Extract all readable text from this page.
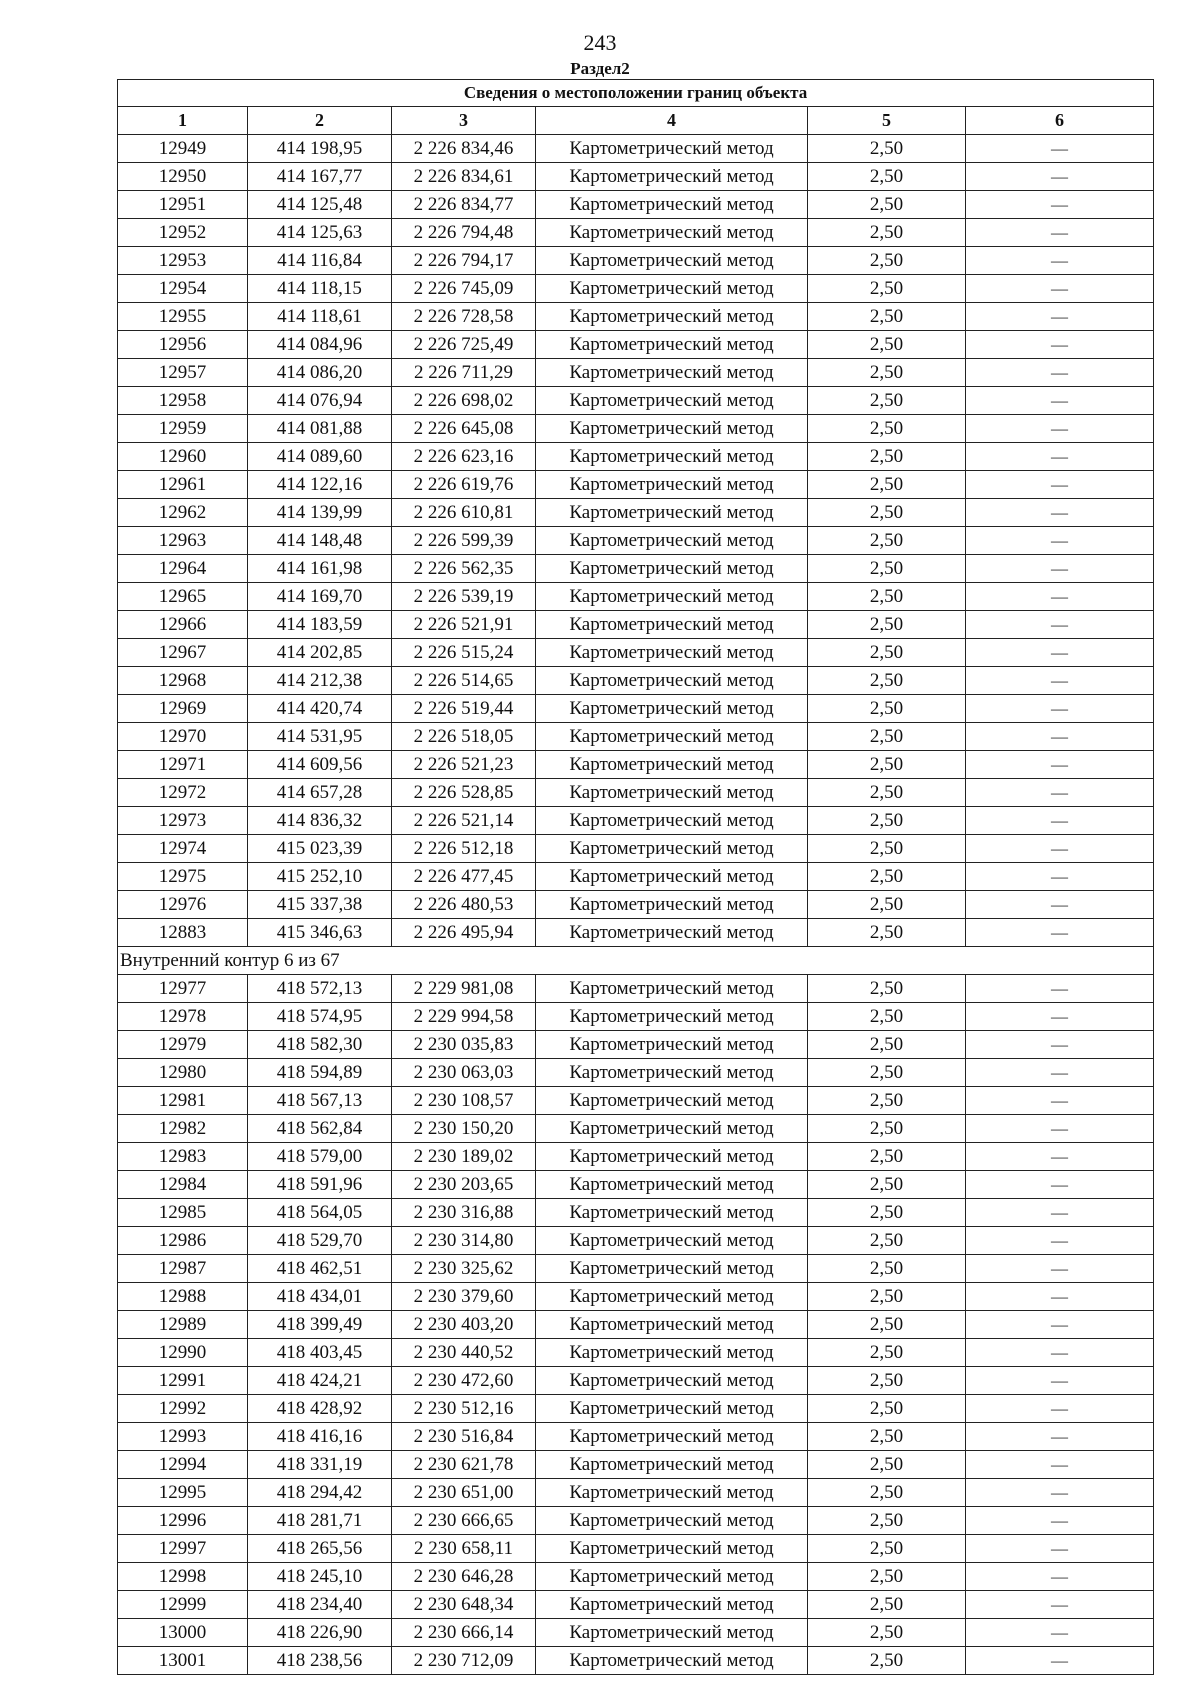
243
Раздел2
Сведения о местоположении границ объекта					
1	2	3	4	5	6
12949	414 198,95	2 226 834,46	Картометрический метод	2,50	—
12950	414 167,77	2 226 834,61	Картометрический метод	2,50	—
12951	414 125,48	2 226 834,77	Картометрический метод	2,50	—
12952	414 125,63	2 226 794,48	Картометрический метод	2,50	—
12953	414 116,84	2 226 794,17	Картометрический метод	2,50	—
12954	414 118,15	2 226 745,09	Картометрический метод	2,50	—
12955	414 118,61	2 226 728,58	Картометрический метод	2,50	—
12956	414 084,96	2 226 725,49	Картометрический метод	2,50	—
12957	414 086,20	2 226 711,29	Картометрический метод	2,50	—
12958	414 076,94	2 226 698,02	Картометрический метод	2,50	—
12959	414 081,88	2 226 645,08	Картометрический метод	2,50	—
12960	414 089,60	2 226 623,16	Картометрический метод	2,50	—
12961	414 122,16	2 226 619,76	Картометрический метод	2,50	—
12962	414 139,99	2 226 610,81	Картометрический метод	2,50	—
12963	414 148,48	2 226 599,39	Картометрический метод	2,50	—
12964	414 161,98	2 226 562,35	Картометрический метод	2,50	—
12965	414 169,70	2 226 539,19	Картометрический метод	2,50	—
12966	414 183,59	2 226 521,91	Картометрический метод	2,50	—
12967	414 202,85	2 226 515,24	Картометрический метод	2,50	—
12968	414 212,38	2 226 514,65	Картометрический метод	2,50	—
12969	414 420,74	2 226 519,44	Картометрический метод	2,50	—
12970	414 531,95	2 226 518,05	Картометрический метод	2,50	—
12971	414 609,56	2 226 521,23	Картометрический метод	2,50	—
12972	414 657,28	2 226 528,85	Картометрический метод	2,50	—
12973	414 836,32	2 226 521,14	Картометрический метод	2,50	—
12974	415 023,39	2 226 512,18	Картометрический метод	2,50	—
12975	415 252,10	2 226 477,45	Картометрический метод	2,50	—
12976	415 337,38	2 226 480,53	Картометрический метод	2,50	—
12883	415 346,63	2 226 495,94	Картометрический метод	2,50	—
Внутренний контур 6 из 67					
12977	418 572,13	2 229 981,08	Картометрический метод	2,50	—
12978	418 574,95	2 229 994,58	Картометрический метод	2,50	—
12979	418 582,30	2 230 035,83	Картометрический метод	2,50	—
12980	418 594,89	2 230 063,03	Картометрический метод	2,50	—
12981	418 567,13	2 230 108,57	Картометрический метод	2,50	—
12982	418 562,84	2 230 150,20	Картометрический метод	2,50	—
12983	418 579,00	2 230 189,02	Картометрический метод	2,50	—
12984	418 591,96	2 230 203,65	Картометрический метод	2,50	—
12985	418 564,05	2 230 316,88	Картометрический метод	2,50	—
12986	418 529,70	2 230 314,80	Картометрический метод	2,50	—
12987	418 462,51	2 230 325,62	Картометрический метод	2,50	—
12988	418 434,01	2 230 379,60	Картометрический метод	2,50	—
12989	418 399,49	2 230 403,20	Картометрический метод	2,50	—
12990	418 403,45	2 230 440,52	Картометрический метод	2,50	—
12991	418 424,21	2 230 472,60	Картометрический метод	2,50	—
12992	418 428,92	2 230 512,16	Картометрический метод	2,50	—
12993	418 416,16	2 230 516,84	Картометрический метод	2,50	—
12994	418 331,19	2 230 621,78	Картометрический метод	2,50	—
12995	418 294,42	2 230 651,00	Картометрический метод	2,50	—
12996	418 281,71	2 230 666,65	Картометрический метод	2,50	—
12997	418 265,56	2 230 658,11	Картометрический метод	2,50	—
12998	418 245,10	2 230 646,28	Картометрический метод	2,50	—
12999	418 234,40	2 230 648,34	Картометрический метод	2,50	—
13000	418 226,90	2 230 666,14	Картометрический метод	2,50	—
13001	418 238,56	2 230 712,09	Картометрический метод	2,50	—
